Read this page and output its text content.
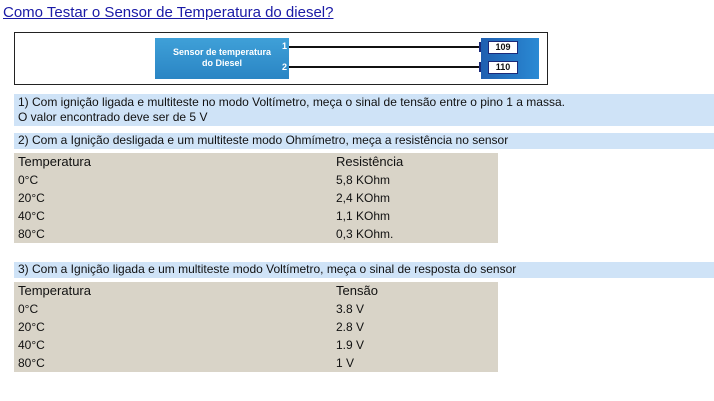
Como Testar o Sensor de Temperatura do diesel?
Sensor de temperatura
do Diesel
1
2
109
110
1) Com ignição ligada e multiteste no modo Voltímetro, meça o sinal de tensão entre o pino 1 a massa.
O valor encontrado deve ser de 5 V
2) Com a Ignição desligada e um multiteste modo Ohmímetro, meça a resistência no sensor
Temperatura	Resistência
0°C	5,8 KOhm
20°C	2,4 KOhm
40°C	1,1 KOhm
80°C	0,3 KOhm.
3) Com a Ignição ligada e um multiteste modo Voltímetro, meça o sinal de resposta do sensor
Temperatura	Tensão
0°C	3.8 V
20°C	2.8 V
40°C	1.9 V
80°C	1 V
